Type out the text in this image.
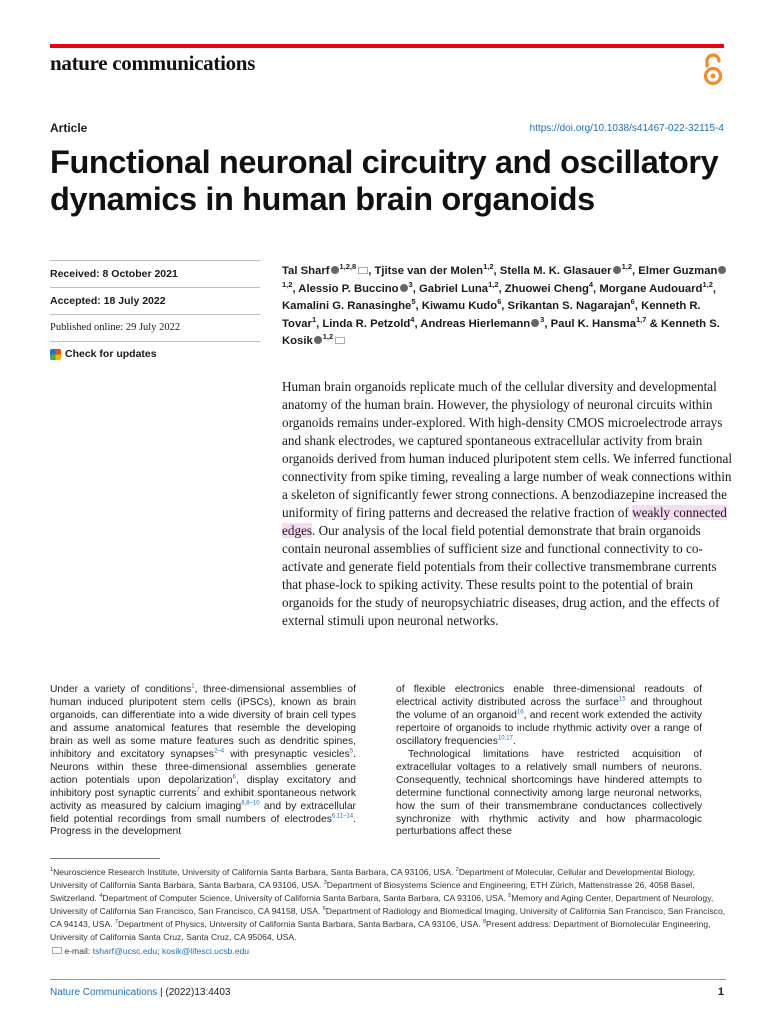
nature communications
Article	https://doi.org/10.1038/s41467-022-32115-4
Functional neuronal circuitry and oscillatory dynamics in human brain organoids
Received: 8 October 2021
Accepted: 18 July 2022
Published online: 29 July 2022
Check for updates
Tal Sharf $^{1,2,8}$ , Tjitse van der Molen$^{1,2}$, Stella M. K. Glasauer $^{1,2}$, Elmer Guzman$^{1,2}$, Alessio P. Buccino $^3$, Gabriel Luna$^{1,2}$, Zhuowei Cheng$^4$, Morgane Audouard$^{1,2}$, Kamalini G. Ranasinghe$^5$, Kiwamu Kudo$^6$, Srikantan S. Nagarajan$^6$, Kenneth R. Tovar$^1$, Linda R. Petzold$^4$, Andreas Hierlemann $^3$, Paul K. Hansma$^{1,7}$ & Kenneth S. Kosik $^{1,2}$
Human brain organoids replicate much of the cellular diversity and developmental anatomy of the human brain. However, the physiology of neuronal circuits within organoids remains under-explored. With high-density CMOS microelectrode arrays and shank electrodes, we captured spontaneous extracellular activity from brain organoids derived from human induced pluripotent stem cells. We inferred functional connectivity from spike timing, revealing a large number of weak connections within a skeleton of significantly fewer strong connections. A benzodiazepine increased the uniformity of firing patterns and decreased the relative fraction of weakly connected edges. Our analysis of the local field potential demonstrate that brain organoids contain neuronal assemblies of sufficient size and functional connectivity to co-activate and generate field potentials from their collective transmembrane currents that phase-lock to spiking activity. These results point to the potential of brain organoids for the study of neuropsychiatric diseases, drug action, and the effects of external stimuli upon neuronal networks.

Under a variety of conditions$^1$, three-dimensional assemblies of human induced pluripotent stem cells (iPSCs), known as brain organoids, can differentiate into a wide diversity of brain cell types and assume anatomical features that resemble the developing brain as well as some mature features such as dendritic spines, inhibitory and excitatory synapses$^{2-4}$ with presynaptic vesicles$^5$. Neurons within these three-dimensional assemblies generate action potentials upon depolarization$^6$, display excitatory and inhibitory post synaptic currents$^7$ and exhibit spontaneous network activity as measured by calcium imaging$^{6,8-10}$ and by extracellular field potential recordings from small numbers of electrodes$^{6,11-14}$. Progress in the development

of flexible electronics enable three-dimensional readouts of electrical activity distributed across the surface$^{15}$ and throughout the volume of an organoid$^{16}$, and recent work extended the activity repertoire of organoids to include rhythmic activity over a range of oscillatory frequencies$^{10,17}$.

Technological limitations have restricted acquisition of extracellular voltages to a relatively small numbers of neurons. Consequently, technical shortcomings have hindered attempts to determine functional connectivity among large neuronal networks, how the sum of their transmembrane conductances collectively synchronize with rhythmic activity and how pharmacologic perturbations affect these

$^1$Neuroscience Research Institute, University of California Santa Barbara, Santa Barbara, CA 93106, USA. $^2$Department of Molecular, Cellular and Developmental Biology, University of California Santa Barbara, Santa Barbara, CA 93106, USA. $^3$Department of Biosystems Science and Engineering, ETH Zürich, Mattenstrasse 26, 4058 Basel, Switzerland. $^4$Department of Computer Science, University of California Santa Barbara, Santa Barbara, CA 93106, USA. $^5$Memory and Aging Center, Department of Neurology, University of California San Francisco, San Francisco, CA 94158, USA. $^6$Department of Radiology and Biomedical Imaging, University of California San Francisco, San Francisco, CA 94143, USA. $^7$Department of Physics, University of California Santa Barbara, Santa Barbara, CA 93106, USA. $^8$Present address: Department of Biomolecular Engineering, University of California Santa Cruz, Santa Cruz, CA 95064, USA.
e-mail: tsharf@ucsc.edu; kosik@lifesci.ucsb.edu
Nature Communications | (2022)13:4403	1
